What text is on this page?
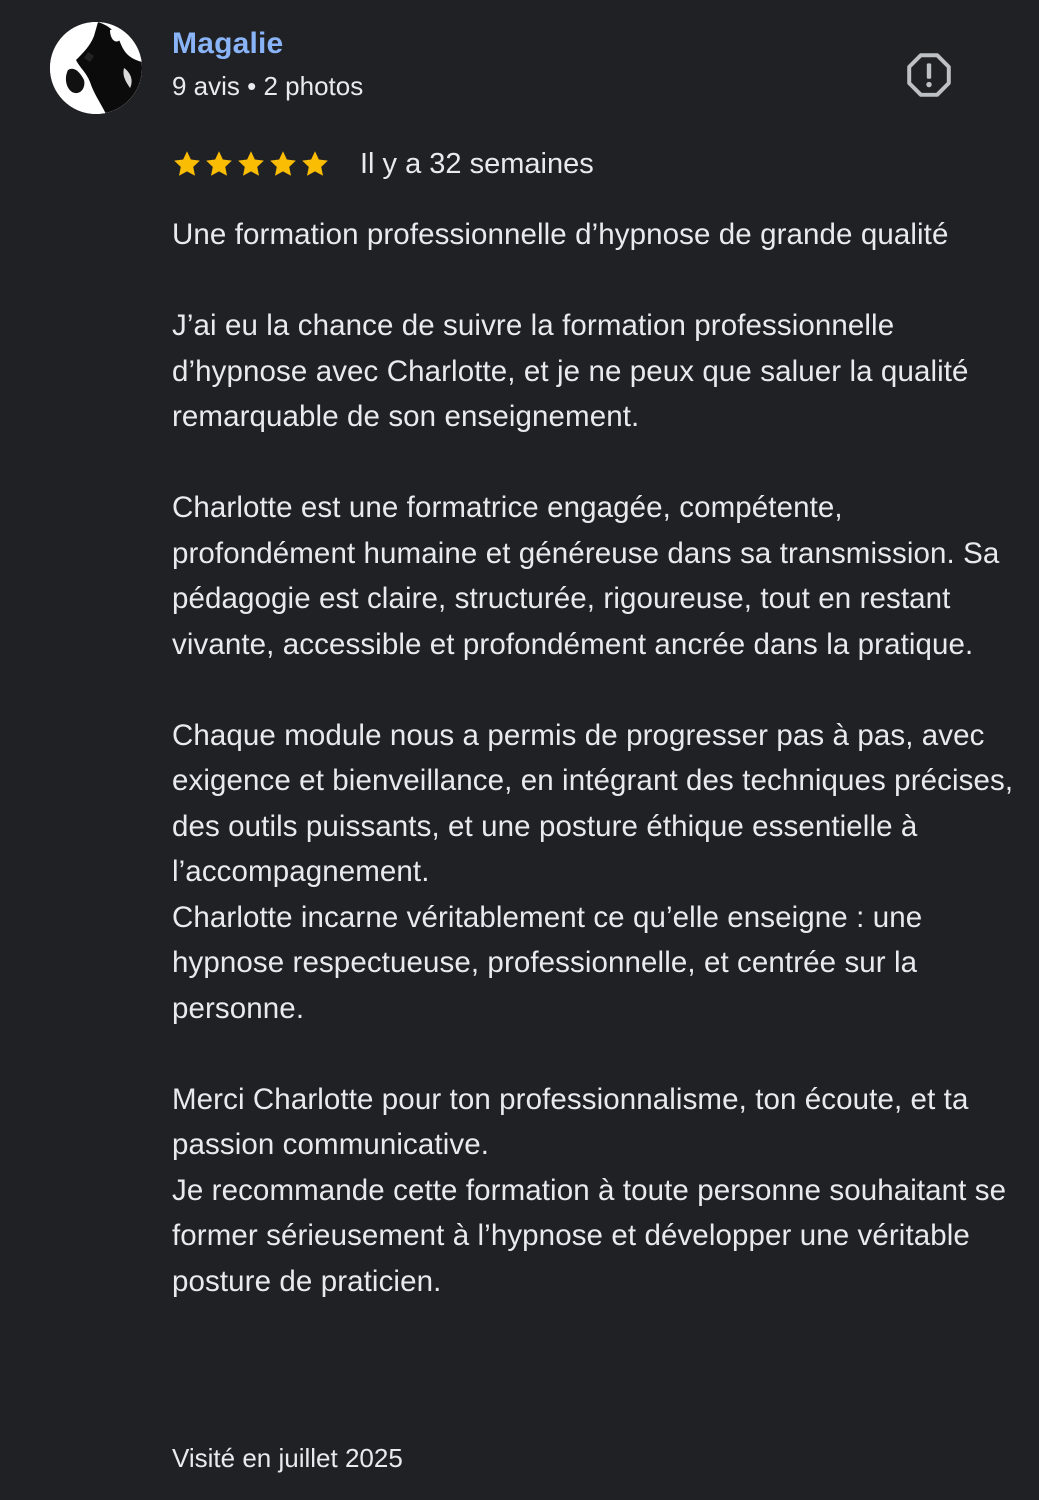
Magalie
9 avis • 2 photos
Il y a 32 semaines

Une formation professionnelle d’hypnose de grande qualité

J’ai eu la chance de suivre la formation professionnelle d’hypnose avec Charlotte, et je ne peux que saluer la qualité remarquable de son enseignement.

Charlotte est une formatrice engagée, compétente, profondément humaine et généreuse dans sa transmission. Sa pédagogie est claire, structurée, rigoureuse, tout en restant vivante, accessible et profondément ancrée dans la pratique.

Chaque module nous a permis de progresser pas à pas, avec exigence et bienveillance, en intégrant des techniques précises, des outils puissants, et une posture éthique essentielle à l’accompagnement.
Charlotte incarne véritablement ce qu’elle enseigne : une hypnose respectueuse, professionnelle, et centrée sur la personne.

Merci Charlotte pour ton professionnalisme, ton écoute, et ta passion communicative.
Je recommande cette formation à toute personne souhaitant se former sérieusement à l’hypnose et développer une véritable posture de praticien.

Visité en juillet 2025
